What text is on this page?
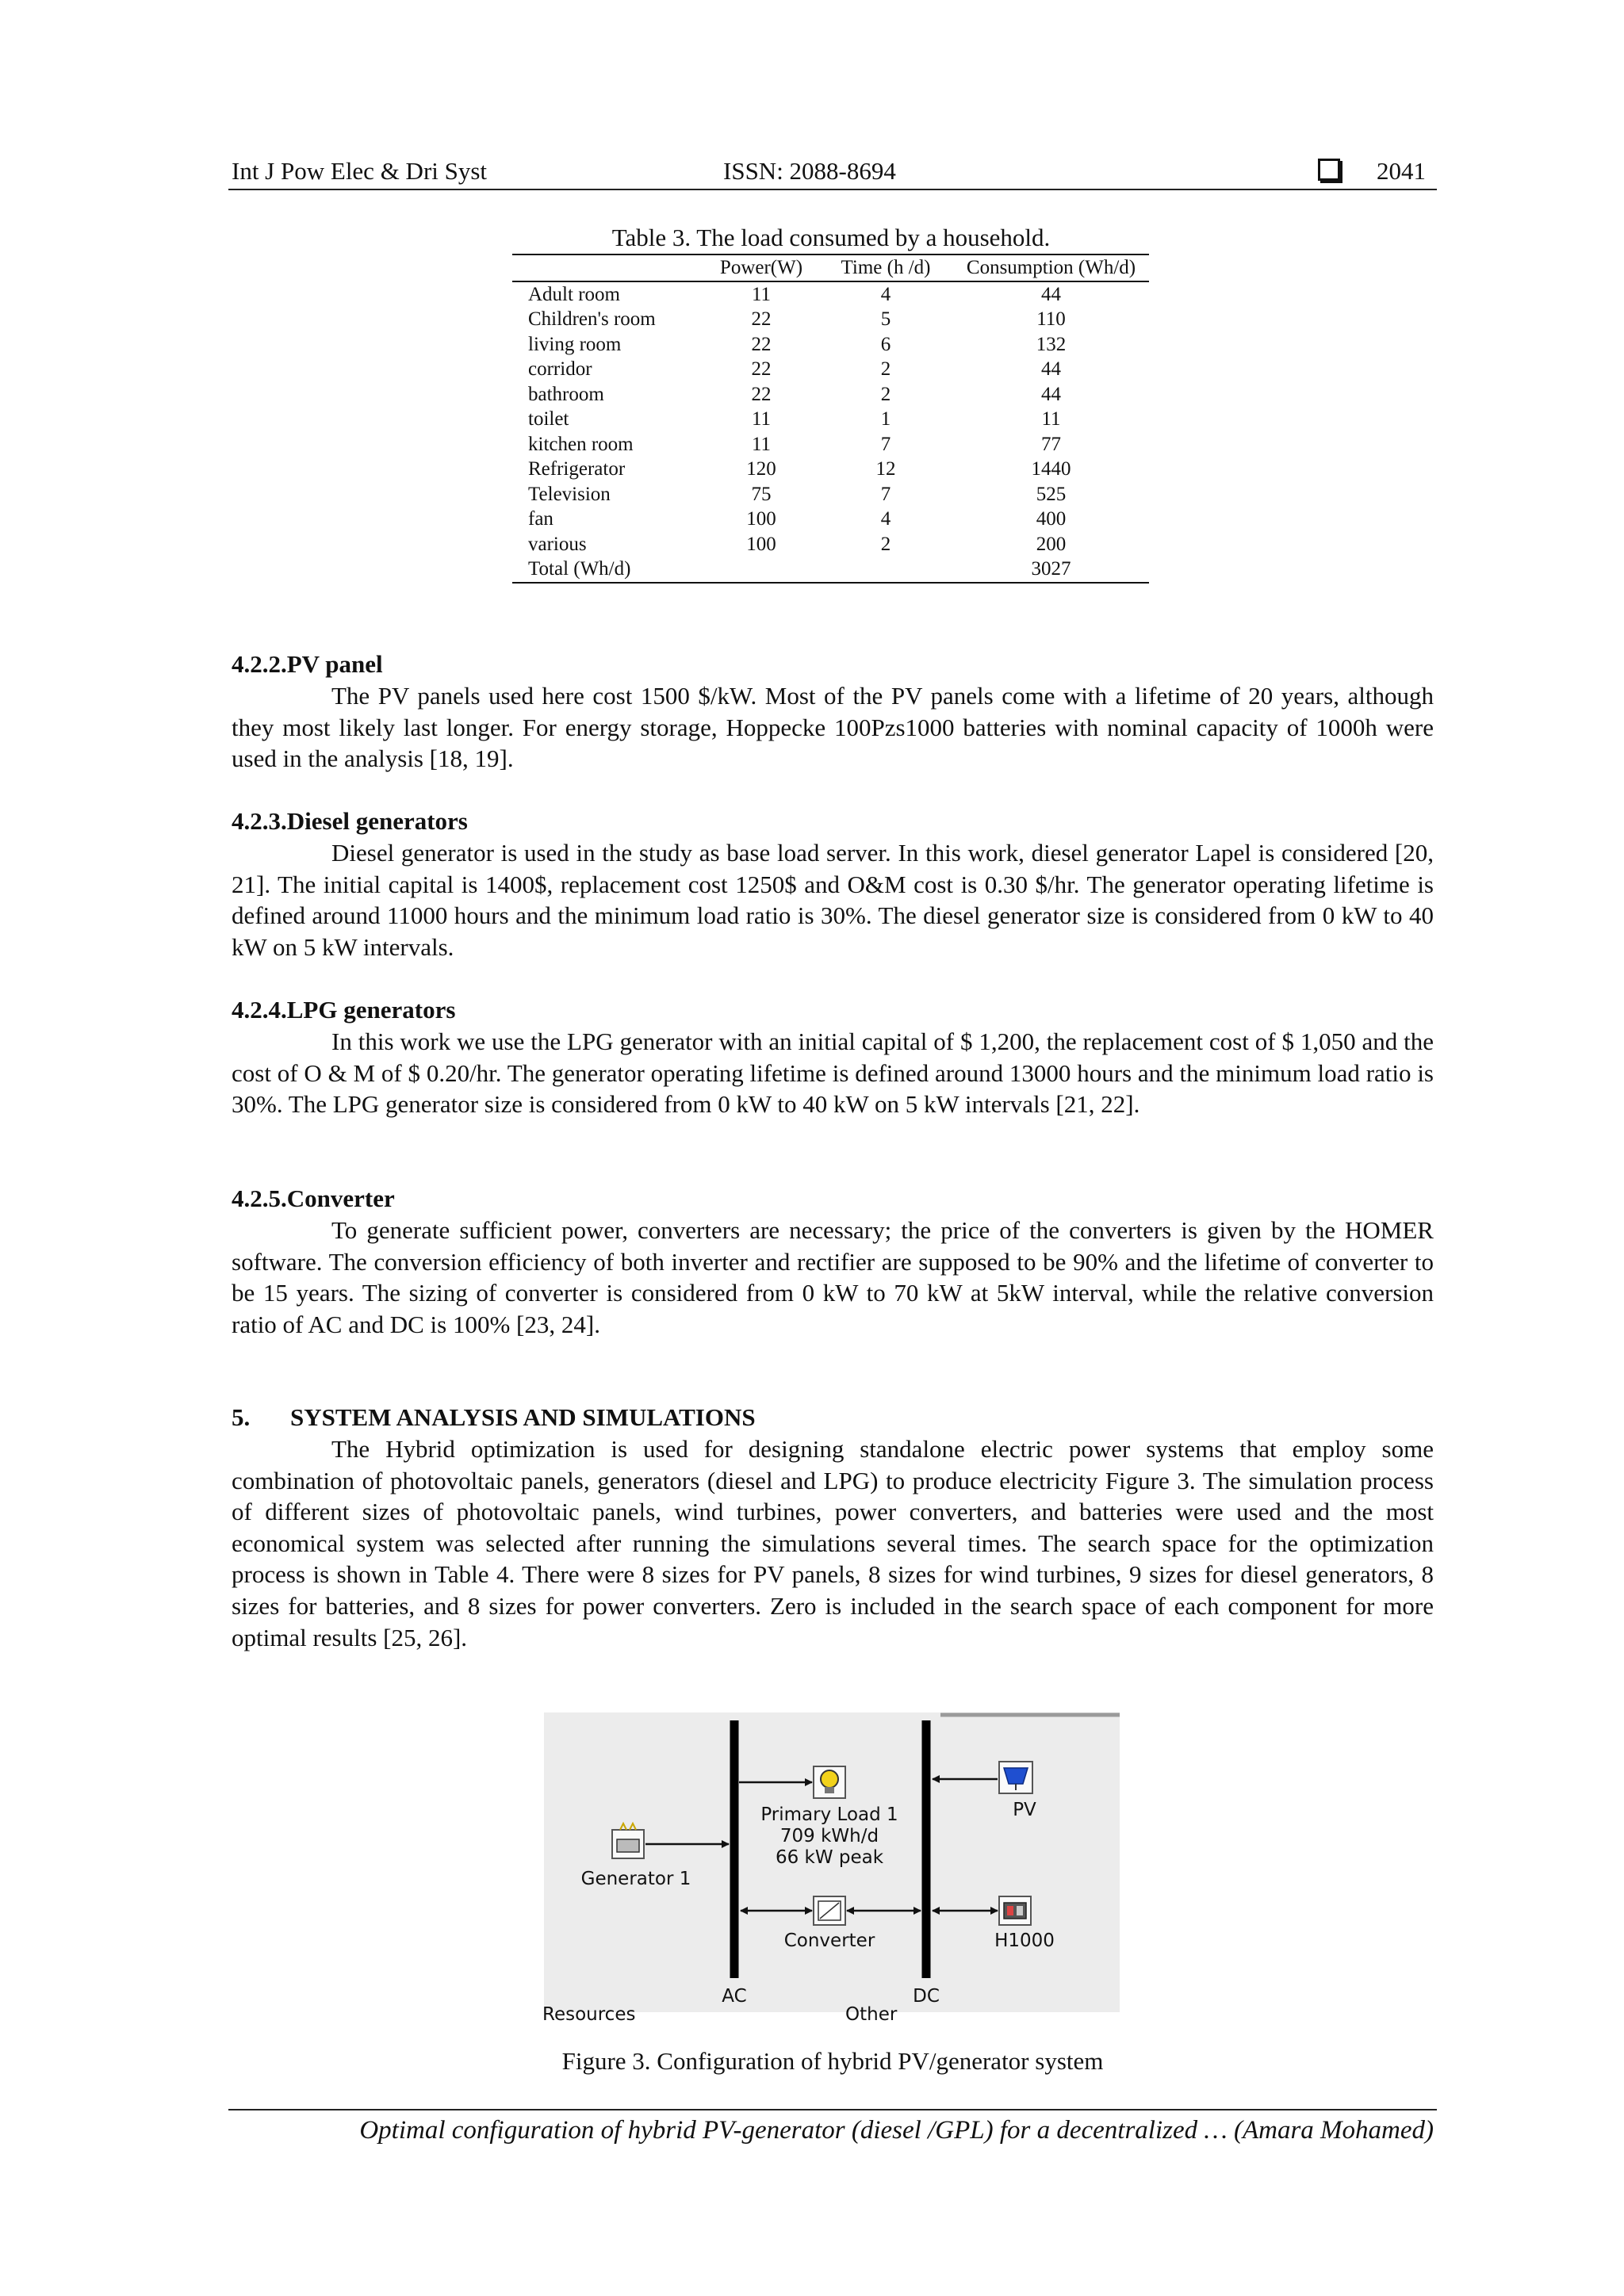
Int J Pow Elec & Dri Syst	ISSN: 2088-8694	2041
Table 3. The load consumed by a household.
	Power(W)	Time (h /d)	Consumption (Wh/d)
Adult room	11	4	44
Children's room	22	5	110
living room	22	6	132
corridor	22	2	44
bathroom	22	2	44
toilet	11	1	11
kitchen room	11	7	77
Refrigerator	120	12	1440
Television	75	7	525
fan	100	4	400
various	100	2	200
Total (Wh/d)			3027
4.2.2.PV panel

The PV panels used here cost 1500 $/kW. Most of the PV panels come with a lifetime of 20 years, although they most likely last longer. For energy storage, Hoppecke 100Pzs1000 batteries with nominal capacity of 1000h were used in the analysis [18, 19].

4.2.3.Diesel generators

Diesel generator is used in the study as base load server. In this work, diesel generator Lapel is considered [20, 21]. The initial capital is 1400$, replacement cost 1250$ and O&M cost is 0.30 $/hr. The generator operating lifetime is defined around 11000 hours and the minimum load ratio is 30%. The diesel generator size is considered from 0 kW to 40 kW on 5 kW intervals.

4.2.4.LPG generators

In this work we use the LPG generator with an initial capital of $ 1,200, the replacement cost of $ 1,050 and the cost of O & M of $ 0.20/hr. The generator operating lifetime is defined around 13000 hours and the minimum load ratio is 30%. The LPG generator size is considered from 0 kW to 40 kW on 5 kW intervals [21, 22].

4.2.5.Converter

To generate sufficient power, converters are necessary; the price of the converters is given by the HOMER software. The conversion efficiency of both inverter and rectifier are supposed to be 90% and the lifetime of converter to be 15 years. The sizing of converter is considered from 0 kW to 70 kW at 5kW interval, while the relative conversion ratio of AC and DC is 100% [23, 24].

5. SYSTEM ANALYSIS AND SIMULATIONS

The Hybrid optimization is used for designing standalone electric power systems that employ some combination of photovoltaic panels, generators (diesel and LPG) to produce electricity Figure 3. The simulation process of different sizes of photovoltaic panels, wind turbines, power converters, and batteries were used and the most economical system was selected after running the simulations several times. The search space for the optimization process is shown in Table 4. There were 8 sizes for PV panels, 8 sizes for wind turbines, 9 sizes for diesel generators, 8 sizes for batteries, and 8 sizes for power converters. Zero is included in the search space of each component for more optimal results [25, 26].

Primary Load 1
709 kWh/d
66 kW peak
Generator 1
PV
Converter	H1000
AC	DC
Resources	Other
Figure 3. Configuration of hybrid PV/generator system
Optimal configuration of hybrid PV-generator (diesel /GPL) for a decentralized … (Amara Mohamed)
